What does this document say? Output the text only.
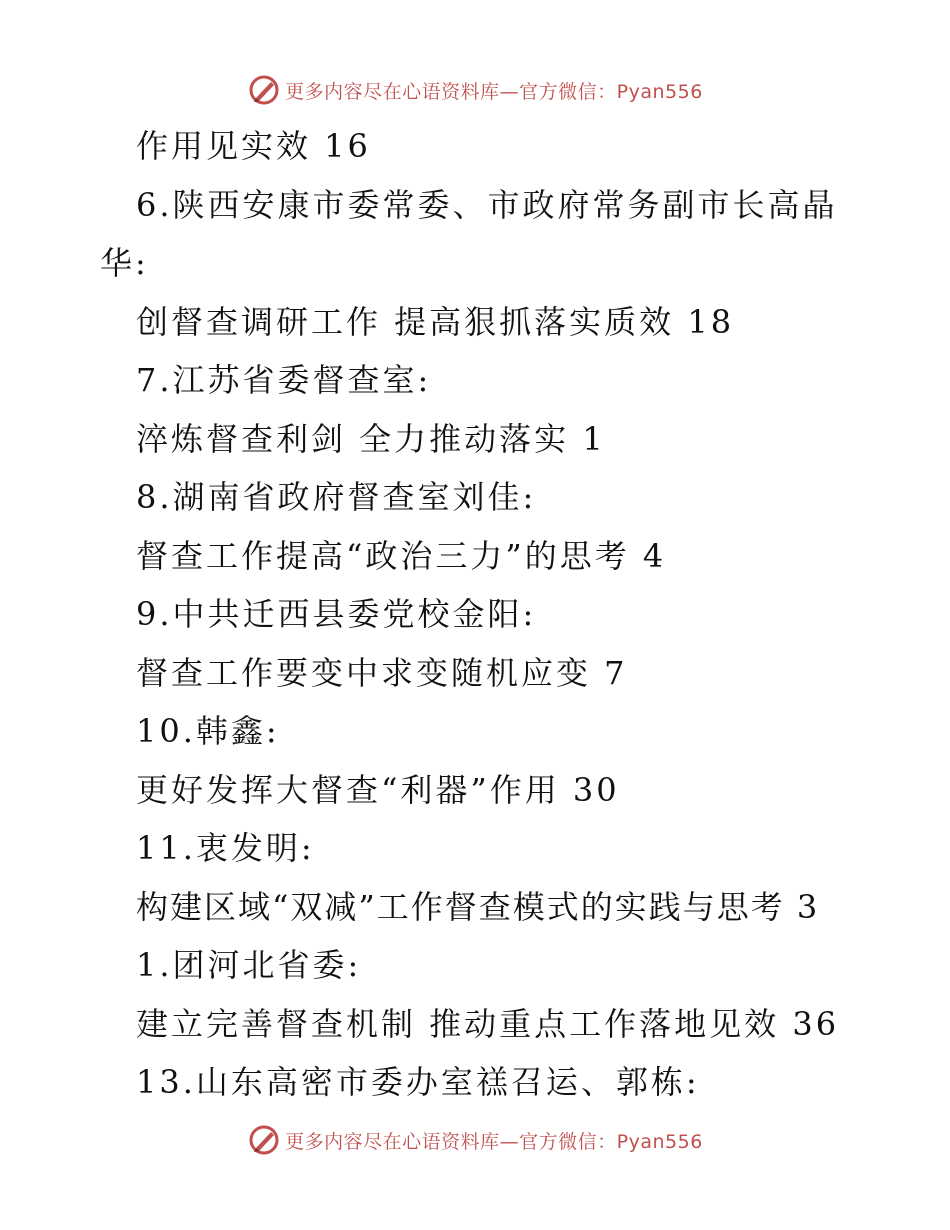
更多内容尽在心语资料库—官方微信：Pyan556
作用见实效 16
6.陕西安康市委常委、市政府常务副市长高晶
华:
创督查调研工作 提高狠抓落实质效 18
7.江苏省委督查室:
淬炼督查利剑 全力推动落实 1
8.湖南省政府督查室刘佳:
督查工作提高“政治三力”的思考 4
9.中共迁西县委党校金阳:
督查工作要变中求变随机应变 7
10.韩鑫:
更好发挥大督查“利器”作用 30
11.衷发明:
构建区域“双减”工作督查模式的实践与思考 3
1.团河北省委:
建立完善督查机制 推动重点工作落地见效 36
13.山东高密市委办室禚召运、郭栋:
更多内容尽在心语资料库—官方微信：Pyan556
